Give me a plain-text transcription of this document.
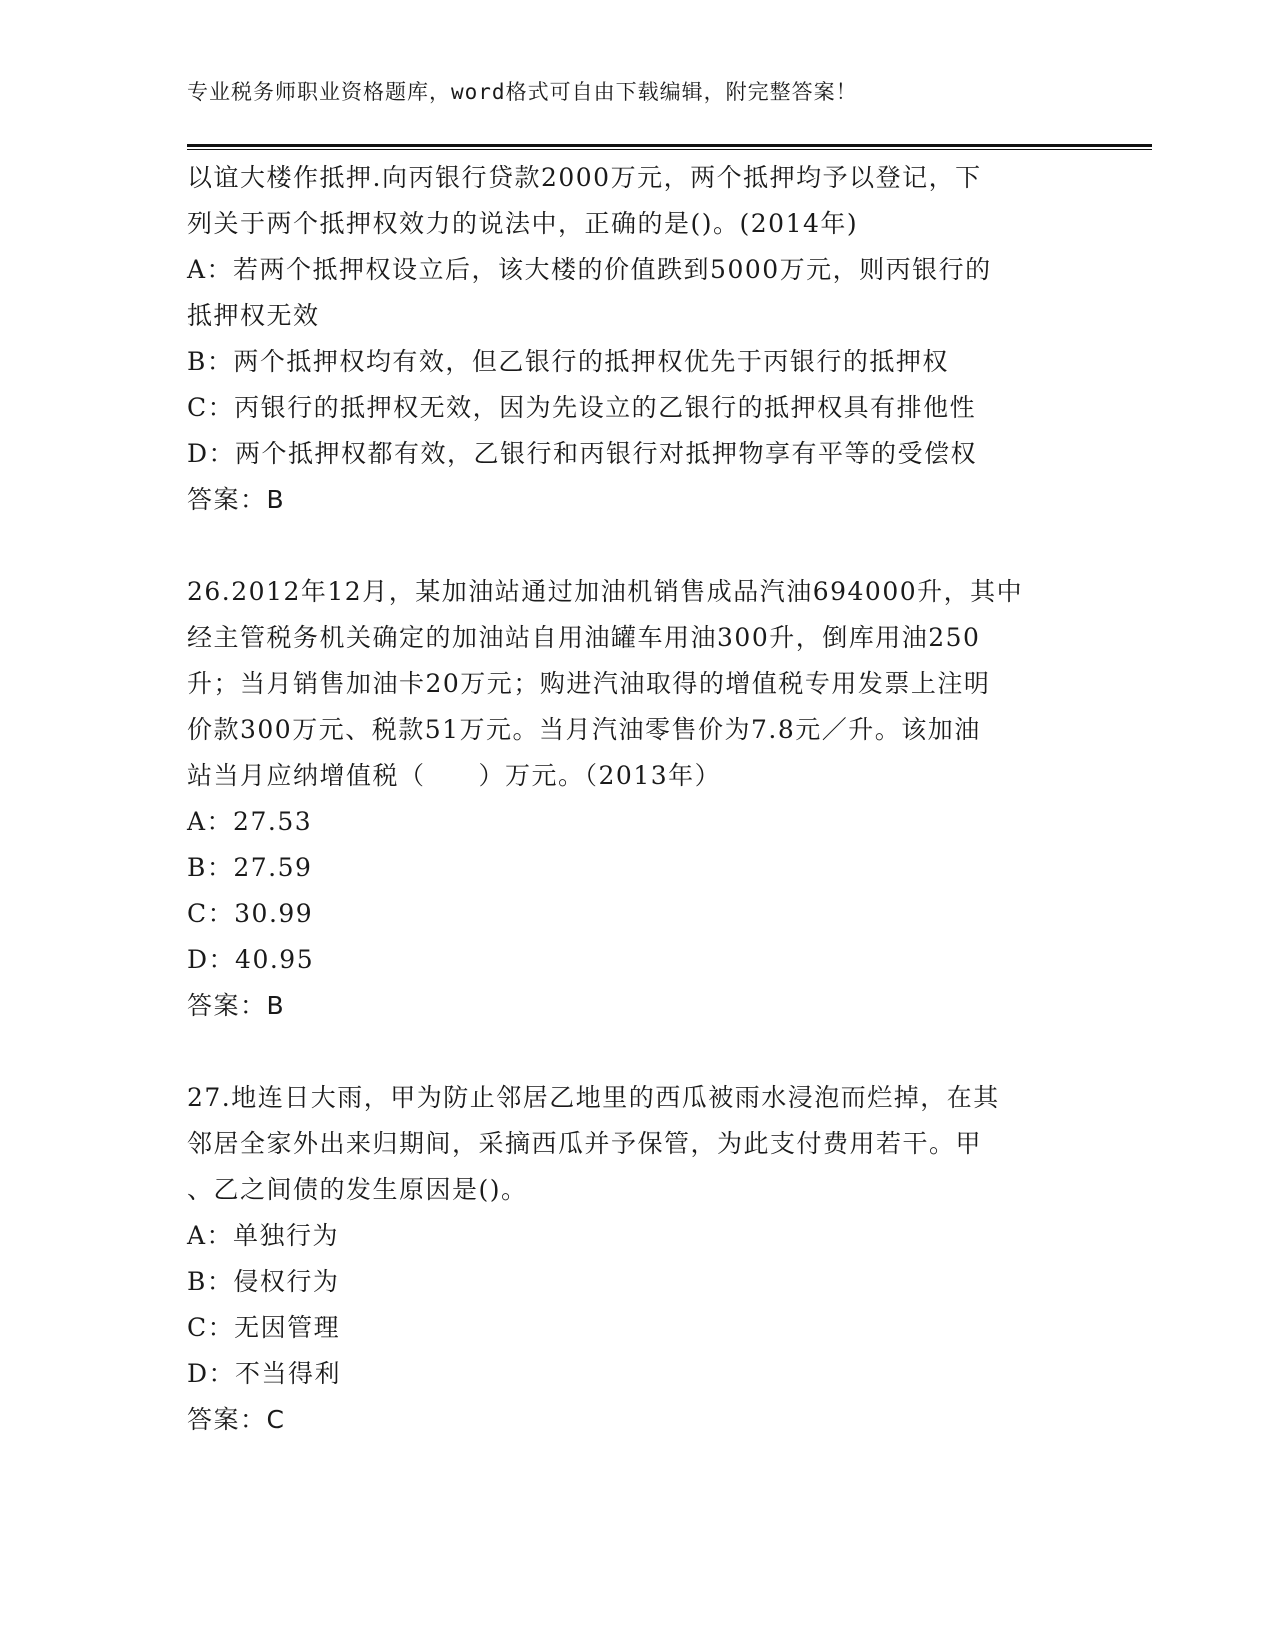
专业税务师职业资格题库，word格式可自由下载编辑，附完整答案！
以谊大楼作抵押.向丙银行贷款2000万元，两个抵押均予以登记，下
列关于两个抵押权效力的说法中，正确的是()。(2014年)
A：若两个抵押权设立后，该大楼的价值跌到5000万元，则丙银行的
抵押权无效
B：两个抵押权均有效，但乙银行的抵押权优先于丙银行的抵押权
C：丙银行的抵押权无效，因为先设立的乙银行的抵押权具有排他性
D：两个抵押权都有效，乙银行和丙银行对抵押物享有平等的受偿权
答案：B
26.2012年12月，某加油站通过加油机销售成品汽油694000升，其中
经主管税务机关确定的加油站自用油罐车用油300升，倒库用油250
升；当月销售加油卡20万元；购进汽油取得的增值税专用发票上注明
价款300万元、税款51万元。当月汽油零售价为7.8元／升。该加油
站当月应纳增值税（　　）万元。（2013年）
A：27.53
B：27.59
C：30.99
D：40.95
答案：B
27.地连日大雨，甲为防止邻居乙地里的西瓜被雨水浸泡而烂掉，在其
邻居全家外出来归期间，采摘西瓜并予保管，为此支付费用若干。甲
、乙之间债的发生原因是()。
A：单独行为
B：侵权行为
C：无因管理
D：不当得利
答案：C
